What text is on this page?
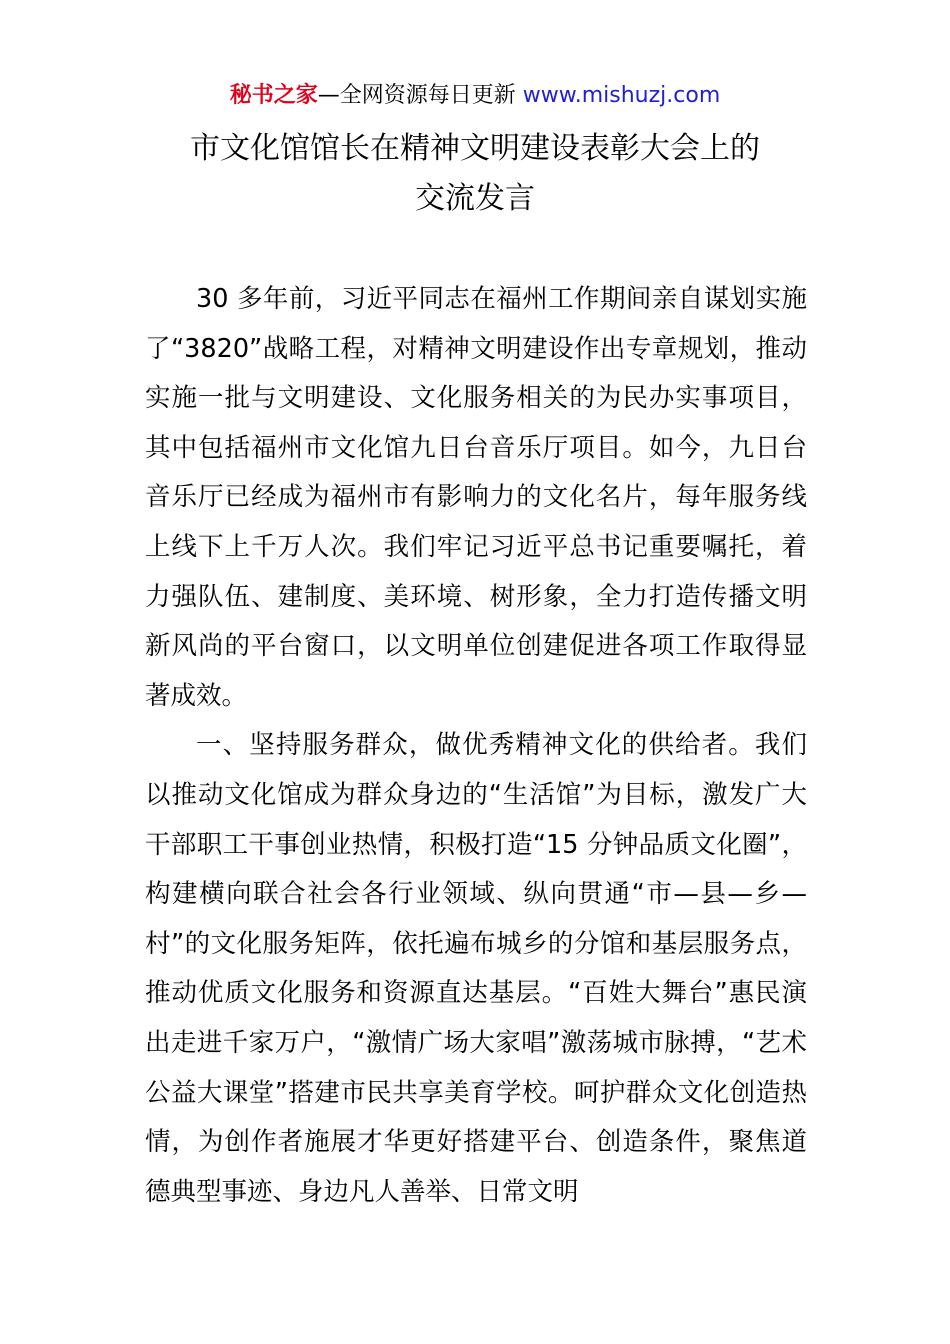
秘书之家—全网资源每日更新 www.mishuzj.com
市文化馆馆长在精神文明建设表彰大会上的
交流发言

30 多年前，习近平同志在福州工作期间亲自谋划实施了“3820”战略工程，对精神文明建设作出专章规划，推动实施一批与文明建设、文化服务相关的为民办实事项目，其中包括福州市文化馆九日台音乐厅项目。如今，九日台音乐厅已经成为福州市有影响力的文化名片，每年服务线上线下上千万人次。我们牢记习近平总书记重要嘱托，着力强队伍、建制度、美环境、树形象，全力打造传播文明新风尚的平台窗口，以文明单位创建促进各项工作取得显著成效。

一、坚持服务群众，做优秀精神文化的供给者。我们以推动文化馆成为群众身边的“生活馆”为目标，激发广大干部职工干事创业热情，积极打造“15 分钟品质文化圈”，构建横向联合社会各行业领域、纵向贯通“市—县—乡—村”的文化服务矩阵，依托遍布城乡的分馆和基层服务点，推动优质文化服务和资源直达基层。“百姓大舞台”惠民演出走进千家万户，“激情广场大家唱”激荡城市脉搏，“艺术公益大课堂”搭建市民共享美育学校。呵护群众文化创造热情，为创作者施展才华更好搭建平台、创造条件，聚焦道德典型事迹、身边凡人善举、日常文明
